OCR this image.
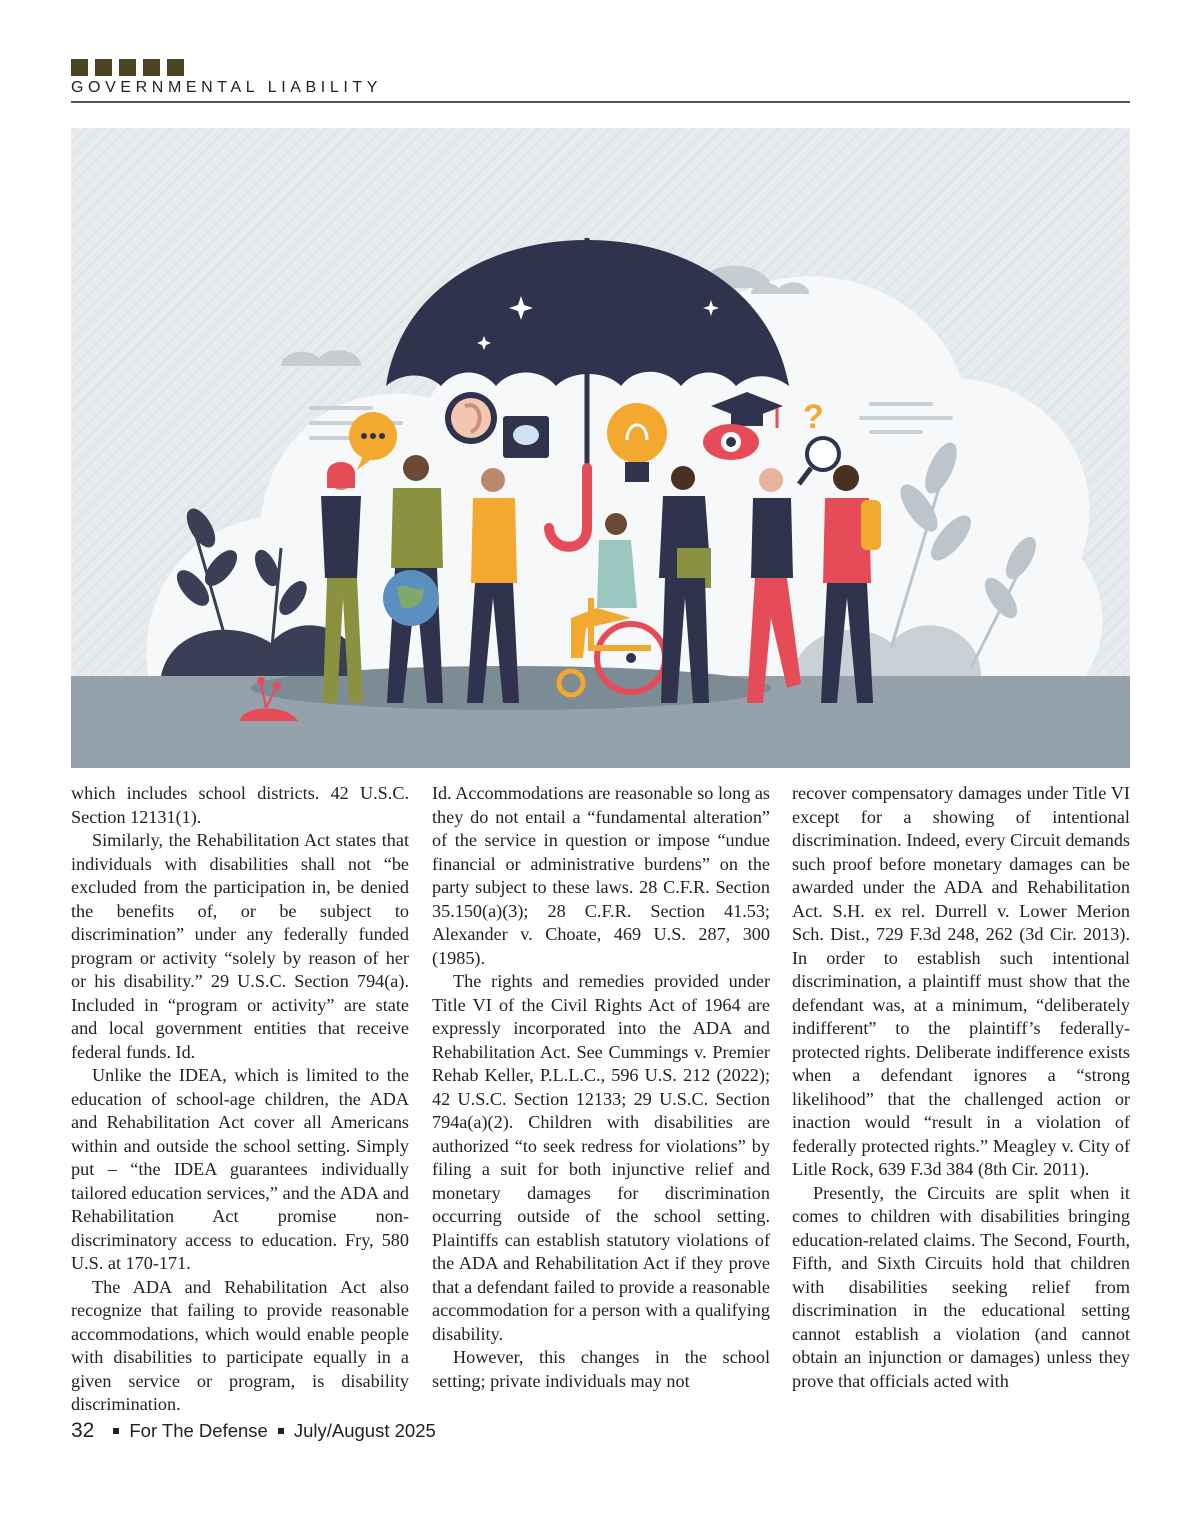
GOVERNMENTAL LIABILITY
?

which includes school districts. 42 U.S.C. Section 12131(1).

Similarly, the Rehabilitation Act states that individuals with disabilities shall not “be excluded from the participation in, be denied the benefits of, or be subject to discrimination” under any federally funded program or activity “solely by reason of her or his disability.” 29 U.S.C. Section 794(a). Included in “program or activity” are state and local government entities that receive federal funds. Id.

Unlike the IDEA, which is limited to the education of school-age children, the ADA and Rehabilitation Act cover all Americans within and outside the school setting. Simply put – “the IDEA guarantees individually tailored education services,” and the ADA and Rehabilitation Act promise non-discriminatory access to education. Fry, 580 U.S. at 170-171.

The ADA and Rehabilitation Act also recognize that failing to provide reasonable accommodations, which would enable people with disabilities to participate equally in a given service or program, is disability discrimination.

Id. Accommodations are reasonable so long as they do not entail a “fundamental alteration” of the service in question or impose “undue financial or administrative burdens” on the party subject to these laws. 28 C.F.R. Section 35.150(a)(3); 28 C.F.R. Section 41.53; Alexander v. Choate, 469 U.S. 287, 300 (1985).

The rights and remedies provided under Title VI of the Civil Rights Act of 1964 are expressly incorporated into the ADA and Rehabilitation Act. See Cummings v. Premier Rehab Keller, P.L.L.C., 596 U.S. 212 (2022); 42 U.S.C. Section 12133; 29 U.S.C. Section 794a(a)(2). Children with disabilities are authorized “to seek redress for violations” by filing a suit for both injunctive relief and monetary damages for discrimination occurring outside of the school setting. Plaintiffs can establish statutory violations of the ADA and Rehabilitation Act if they prove that a defendant failed to provide a reasonable accommodation for a person with a qualifying disability.

However, this changes in the school setting; private individuals may not

recover compensatory damages under Title VI except for a showing of intentional discrimination. Indeed, every Circuit demands such proof before monetary damages can be awarded under the ADA and Rehabilitation Act. S.H. ex rel. Durrell v. Lower Merion Sch. Dist., 729 F.3d 248, 262 (3d Cir. 2013). In order to establish such intentional discrimination, a plaintiff must show that the defendant was, at a minimum, “deliberately indifferent” to the plaintiff’s federally-protected rights. Deliberate indifference exists when a defendant ignores a “strong likelihood” that the challenged action or inaction would “result in a violation of federally protected rights.” Meagley v. City of Litle Rock, 639 F.3d 384 (8th Cir. 2011).

Presently, the Circuits are split when it comes to children with disabilities bringing education-related claims. The Second, Fourth, Fifth, and Sixth Circuits hold that children with disabilities seeking relief from discrimination in the educational setting cannot establish a violation (and cannot obtain an injunction or damages) unless they prove that officials acted with

32 For The Defense July/August 2025
